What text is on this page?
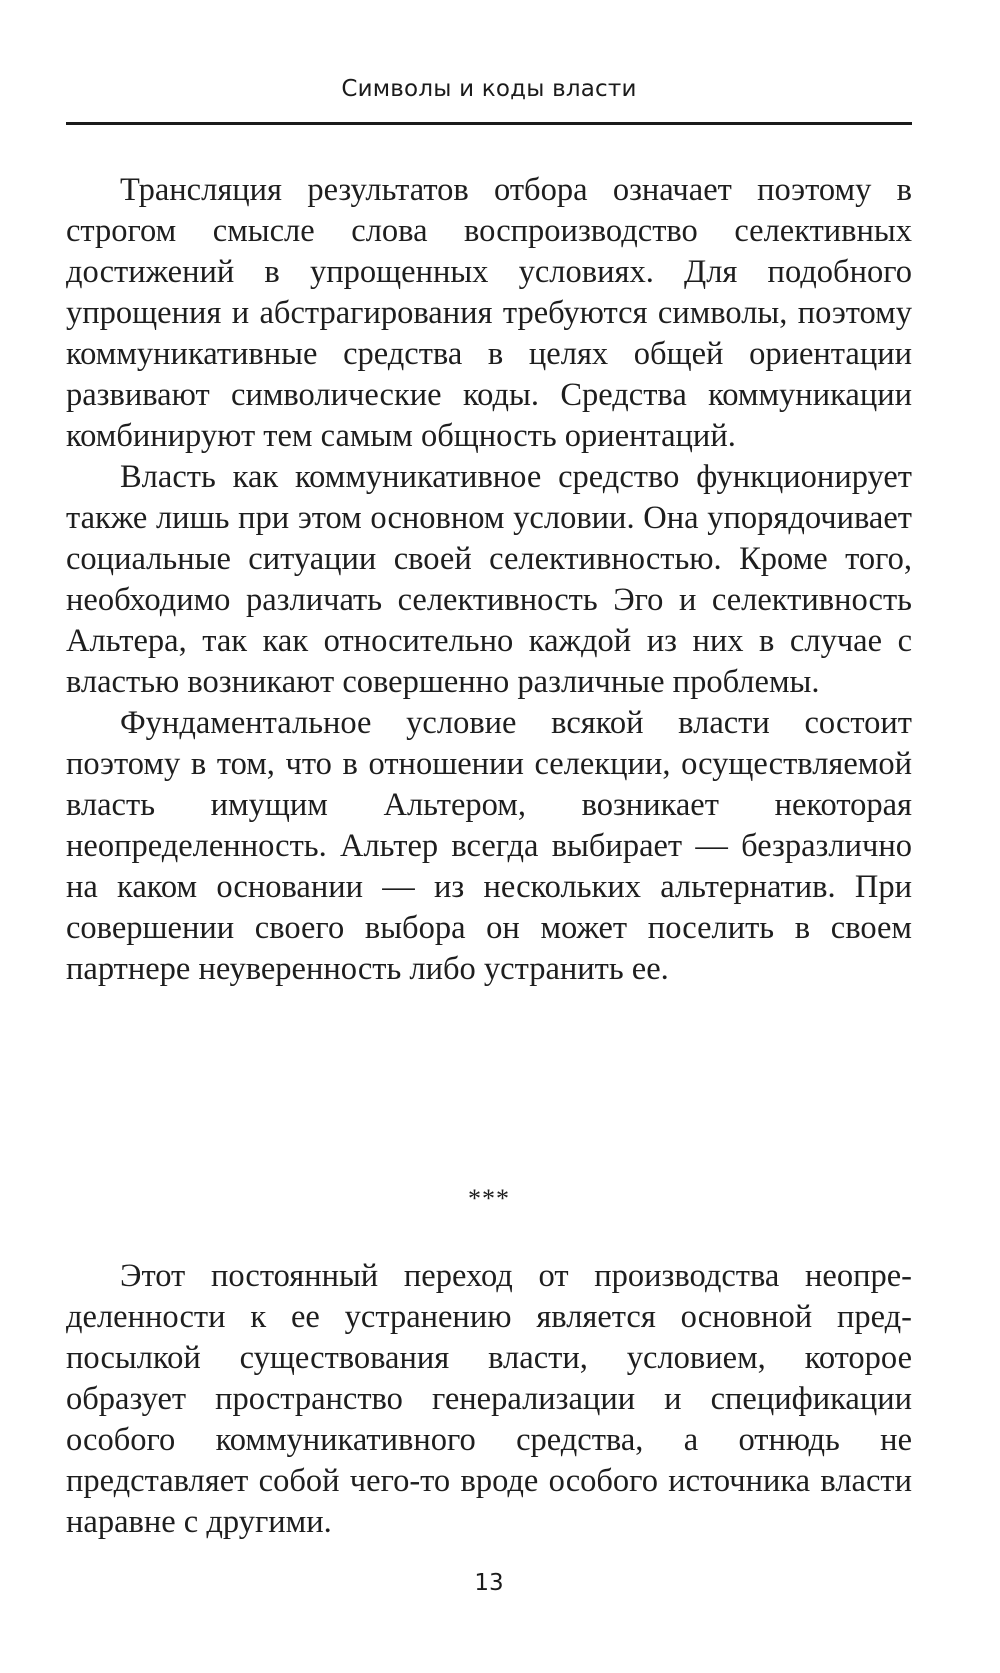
Символы и коды власти

Трансляция результатов отбора означает поэтому в строгом смысле слова воспроизводство селективных достижений в упрощенных условиях. Для подобного упрощения и абстрагирования требуются символы, поэтому коммуникативные средства в целях общей ориентации развивают символические коды. Средства коммуникации комбинируют тем самым общность ориентаций.

Власть как коммуникативное средство функционирует также лишь при этом основном условии. Она упорядочивает социальные ситуации своей селективностью. Кроме того, необходимо различать селективность Эго и селективность Альтера, так как относительно каждой из них в случае с властью возникают совершенно различные проблемы.

Фундаментальное условие всякой власти состоит поэтому в том, что в отношении селекции, осуществляемой власть имущим Альтером, возникает некоторая неопределенность. Альтер всегда выбирает — безразлично на каком основании — из нескольких альтернатив. При совершении своего выбора он может поселить в своем партнере неуверенность либо устранить ее.

***

Этот постоянный переход от производства неопределенности к ее устранению является основной предпосылкой существования власти, условием, которое образует пространство генерализации и спецификации особого коммуникативного средства, а отнюдь не представляет собой чего-то вроде особого источника власти наравне с другими.

13
